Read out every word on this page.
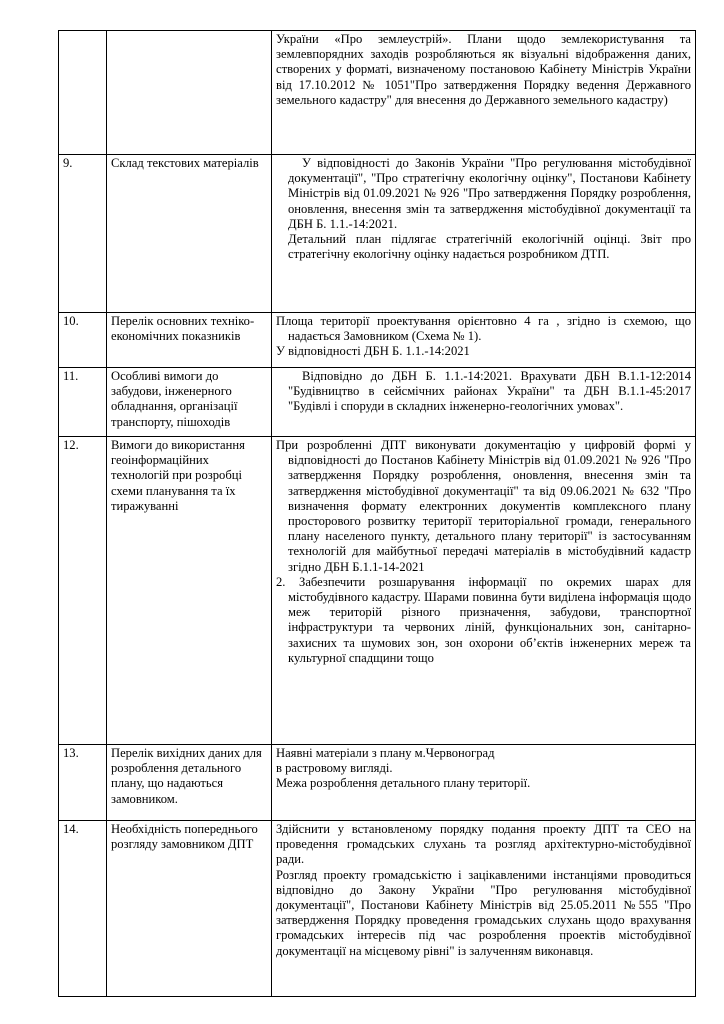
		України «Про землеустрій». Плани щодо землекористування та землевпорядних заходів розробляються як візуальні відображення даних, створених у форматі, визначеному постановою Кабінету Міністрів України від 17.10.2012 № 1051"Про затвердження Порядку ведення Державного земельного кадастру" для внесення до Державного земельного кадастру)

9.	Склад текстових матеріалів	У відповідності до Законів України "Про регулювання містобудівної документації", "Про стратегічну екологічну оцінку", Постанови Кабінету Міністрів від 01.09.2021 № 926 "Про затвердження Порядку розроблення, оновлення, внесення змін та затвердження містобудівної документації та ДБН Б. 1.1.-14:2021.

Детальний план підлягає стратегічній екологічній оцінці. Звіт про стратегічну екологічну оцінку надається розробником ДТП.

10.	Перелік основних техніко-економічних показників	Площа території проектування орієнтовно 4 га , згідно із схемою, що надається Замовником (Схема № 1).

У відповідності ДБН Б. 1.1.-14:2021

11.	Особливі вимоги до забудови, інженерного обладнання, організації транспорту, пішоходів	Відповідно до ДБН Б. 1.1.-14:2021. Врахувати ДБН В.1.1-12:2014 "Будівництво в сейсмічних районах України" та ДБН В.1.1-45:2017 "Будівлі і споруди в складних інженерно-геологічних умовах".

12.	Вимоги до використання геоінформаційних технологій при розробці схеми планування та їх тиражуванні	При розробленні ДПТ виконувати документацію у цифровій формі у відповідності до Постанов Кабінету Міністрів від 01.09.2021 № 926 "Про затвердження Порядку розроблення, оновлення, внесення змін та затвердження містобудівної документації" та від 09.06.2021 № 632 "Про визначення формату електронних документів комплексного плану просторового розвитку території територіальної громади, генерального плану населеного пункту, детального плану території" із застосуванням технологій для майбутньої передачі матеріалів в містобудівний кадастр згідно ДБН Б.1.1-14-2021

2. Забезпечити розшарування інформації по окремих шарах для містобудівного кадастру. Шарами повинна бути виділена інформація щодо меж територій різного призначення, забудови, транспортної інфраструктури та червоних ліній, функціональних зон, санітарно-захисних та шумових зон, зон охорони об’єктів інженерних мереж та культурної спадщини тощо

13.	Перелік вихідних даних для розроблення детального плану, що надаються замовником.	Наявні матеріали з плану м.Червоноград

в растровому вигляді.

Межа розроблення детального плану території.

14.	Необхідність попереднього розгляду замовником ДПТ	Здійснити у встановленому порядку подання проекту ДПТ та СЕО на проведення громадських слухань та розгляд архітектурно-містобудівної ради.

Розгляд проекту громадськістю і зацікавленими інстанціями проводиться відповідно до Закону України "Про регулювання містобудівної документації", Постанови Кабінету Міністрів від 25.05.2011 №555 "Про затвердження Порядку проведення громадських слухань щодо врахування громадських інтересів під час розроблення проектів містобудівної документації на місцевому рівні" із залученням виконавця.
